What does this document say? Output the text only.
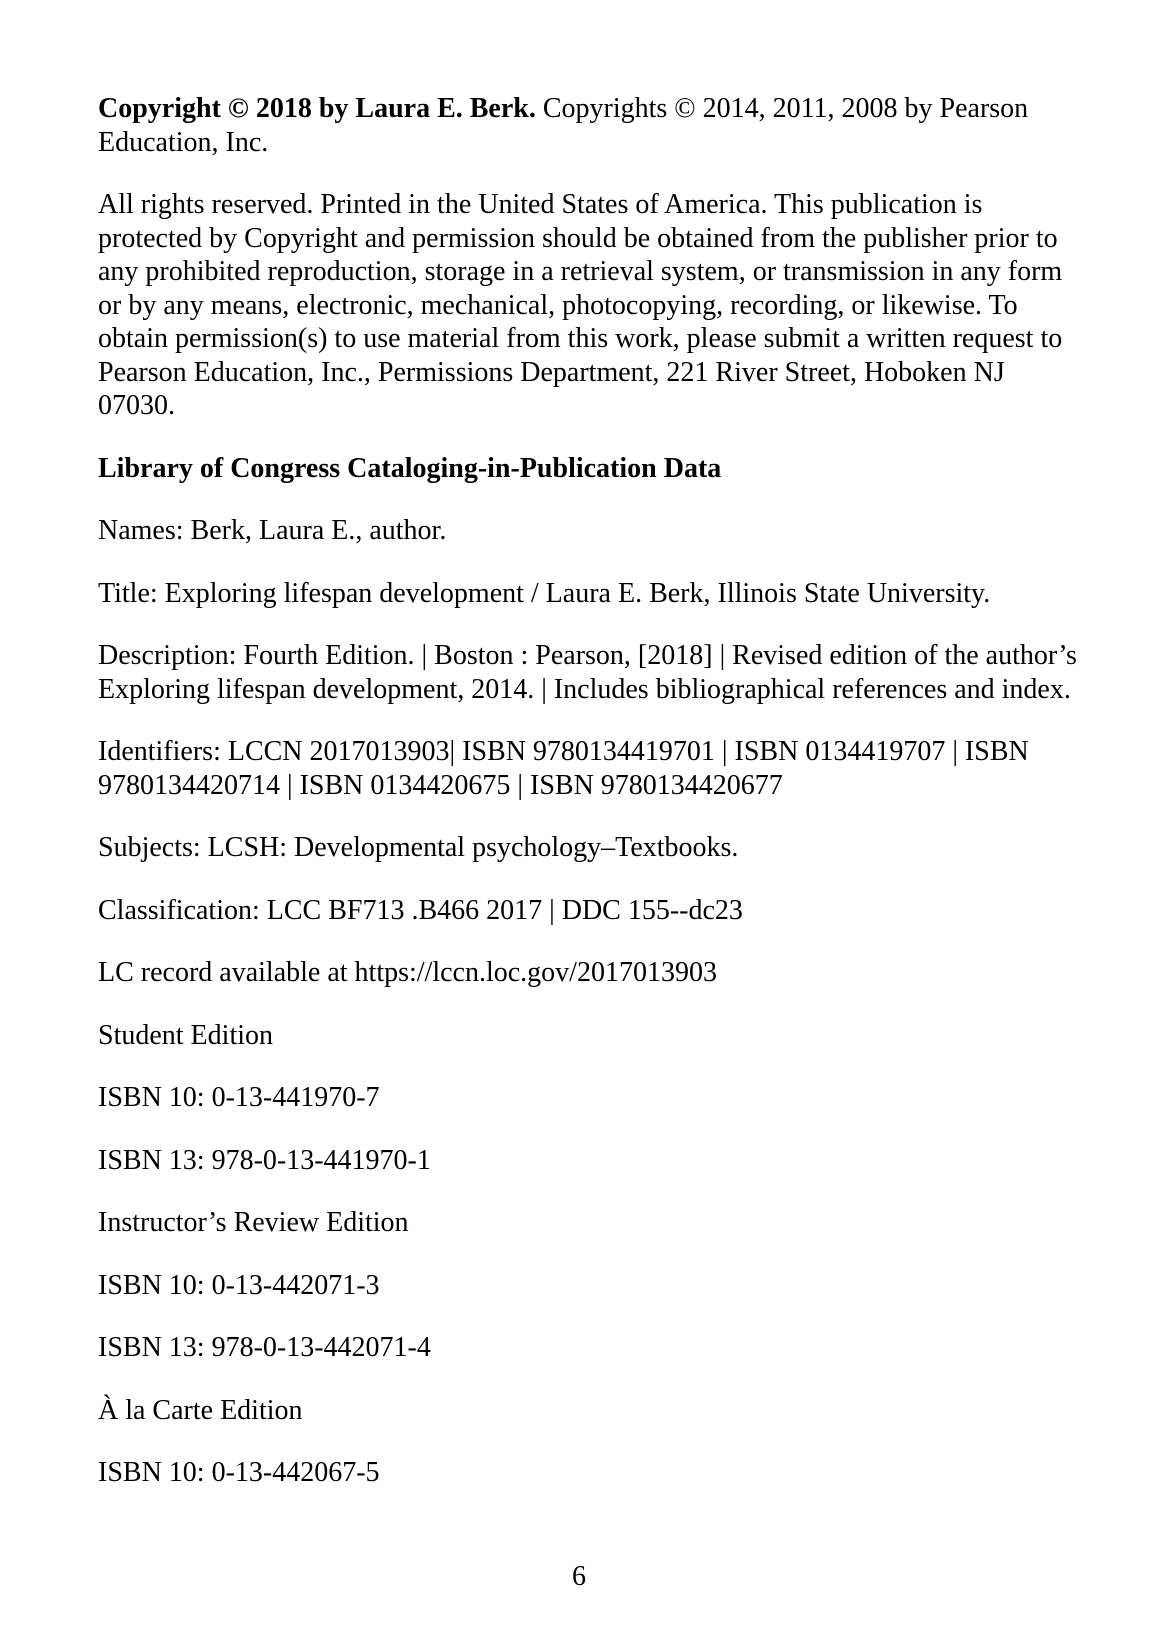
Copyright © 2018 by Laura E. Berk. Copyrights © 2014, 2011, 2008 by Pearson Education, Inc.

All rights reserved. Printed in the United States of America. This publication is protected by Copyright and permission should be obtained from the publisher prior to any prohibited reproduction, storage in a retrieval system, or transmission in any form or by any means, electronic, mechanical, photocopying, recording, or likewise. To obtain permission(s) to use material from this work, please submit a written request to Pearson Education, Inc., Permissions Department, 221 River Street, Hoboken NJ 07030.

Library of Congress Cataloging-in-Publication Data

Names: Berk, Laura E., author.

Title: Exploring lifespan development / Laura E. Berk, Illinois State University.

Description: Fourth Edition. | Boston : Pearson, [2018] | Revised edition of the author’s Exploring lifespan development, 2014. | Includes bibliographical references and index.

Identifiers: LCCN 2017013903| ISBN 9780134419701 | ISBN 0134419707 | ISBN 9780134420714 | ISBN 0134420675 | ISBN 9780134420677

Subjects: LCSH: Developmental psychology–Textbooks.

Classification: LCC BF713 .B466 2017 | DDC 155--dc23

LC record available at https://lccn.loc.gov/2017013903

Student Edition

ISBN 10: 0-13-441970-7

ISBN 13: 978-0-13-441970-1

Instructor’s Review Edition

ISBN 10: 0-13-442071-3

ISBN 13: 978-0-13-442071-4

À la Carte Edition

ISBN 10: 0-13-442067-5

6
